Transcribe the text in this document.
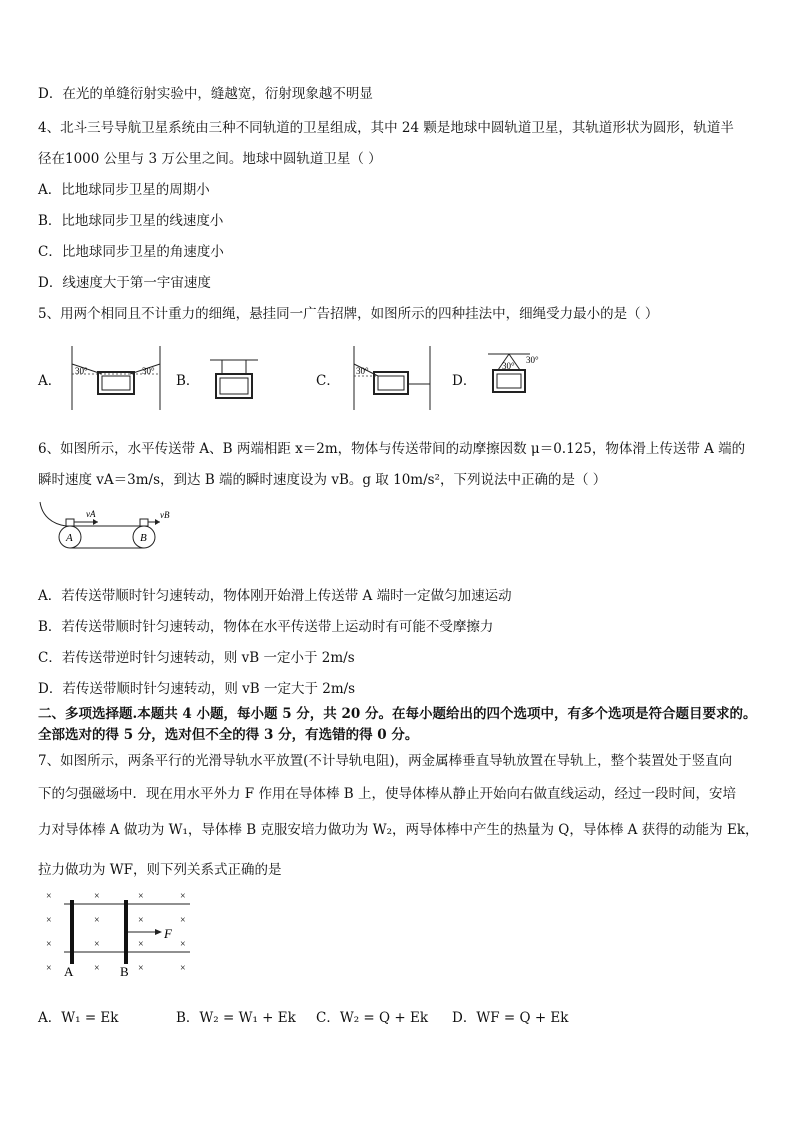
D．在光的单缝衍射实验中，缝越宽，衍射现象越不明显
4、北斗三号导航卫星系统由三种不同轨道的卫星组成，其中 24 颗是地球中圆轨道卫星，其轨道形状为圆形，轨道半
径在1000 公里与 3 万公里之间。地球中圆轨道卫星（ ）
A．比地球同步卫星的周期小
B．比地球同步卫星的线速度小
C．比地球同步卫星的角速度小
D．线速度大于第一宇宙速度
5、用两个相同且不计重力的细绳，悬挂同一广告招牌，如图所示的四种挂法中，细绳受力最小的是（ ）
A．
30°	30°
B．	C．
30°
D．
30°
30°
6、如图所示，水平传送带 A、B 两端相距 x＝2m，物体与传送带间的动摩擦因数 μ＝0.125，物体滑上传送带 A 端的
瞬时速度 vA＝3m/s，到达 B 端的瞬时速度设为 vB。g 取 10m/s²，下列说法中正确的是（ ）
vA	vB
A	B
A．若传送带顺时针匀速转动，物体刚开始滑上传送带 A 端时一定做匀加速运动
B．若传送带顺时针匀速转动，物体在水平传送带上运动时有可能不受摩擦力
C．若传送带逆时针匀速转动，则 vB 一定小于 2m/s
D．若传送带顺时针匀速转动，则 vB 一定大于 2m/s
二、多项选择题.本题共 4 小题，每小题 5 分，共 20 分。在每小题给出的四个选项中，有多个选项是符合题目要求的。
全部选对的得 5 分，选对但不全的得 3 分，有选错的得 0 分。
7、如图所示，两条平行的光滑导轨水平放置(不计导轨电阻)，两金属棒垂直导轨放置在导轨上，整个装置处于竖直向
下的匀强磁场中．现在用水平外力 F 作用在导体棒 B 上，使导体棒从静止开始向右做直线运动，经过一段时间，安培
力对导体棒 A 做功为 W₁，导体棒 B 克服安培力做功为 W₂，两导体棒中产生的热量为 Q，导体棒 A 获得的动能为 Ek，
拉力做功为 WF，则下列关系式正确的是
F
A	B
×	×	×	×
×	×	×	×
×	×	×	×
×	×	×	×
A．W₁ = Ek	B．W₂ = W₁ + Ek C．W₂ = Q + Ek D．WF = Q + Ek
